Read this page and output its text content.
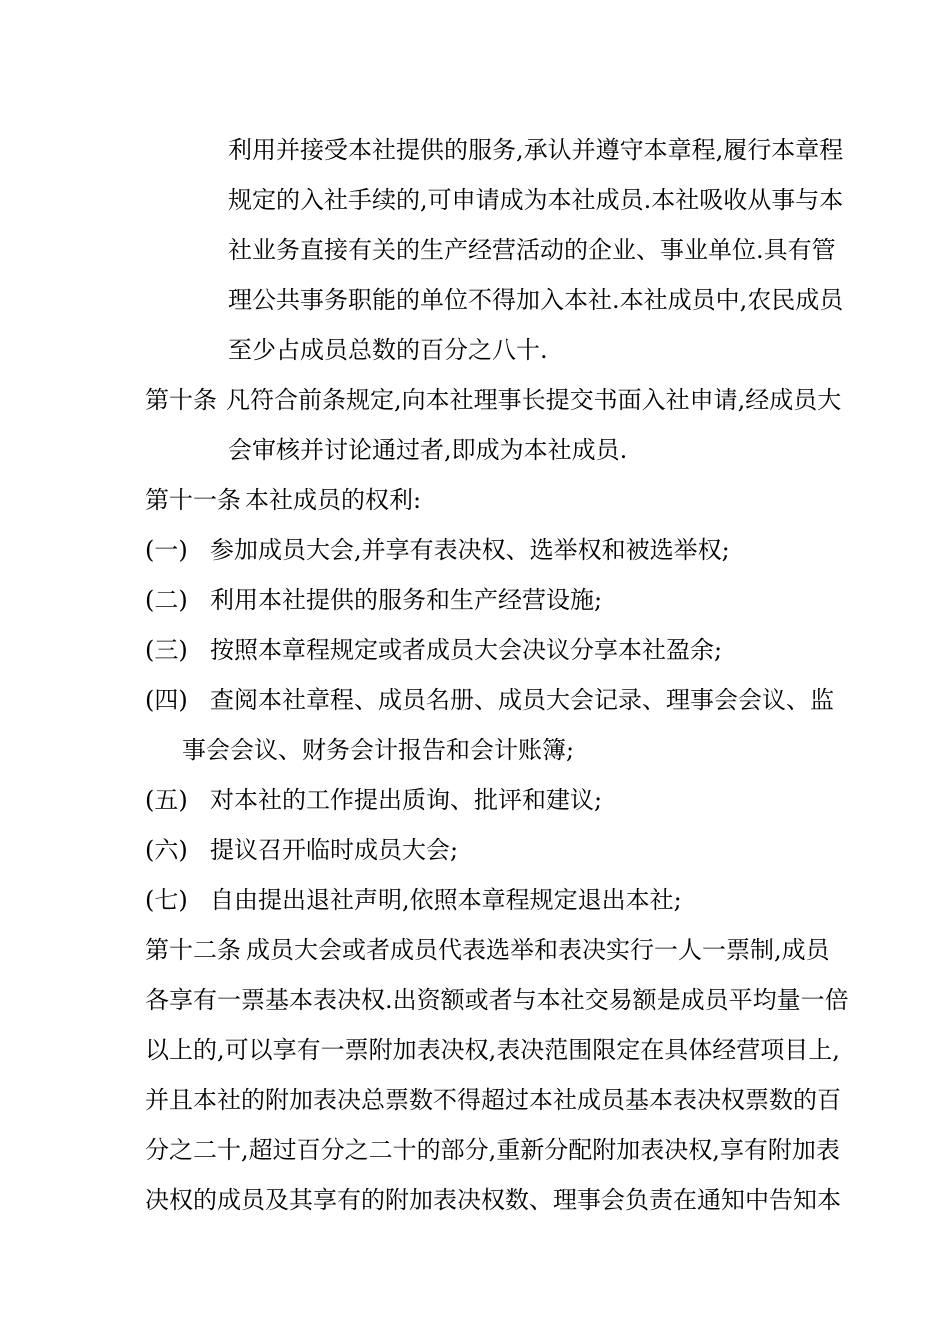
利用并接受本社提供的服务,承认并遵守本章程,履行本章程
规定的入社手续的,可申请成为本社成员.本社吸收从事与本
社业务直接有关的生产经营活动的企业、事业单位.具有管
理公共事务职能的单位不得加入本社.本社成员中,农民成员
至少占成员总数的百分之八十.
第十条 凡符合前条规定,向本社理事长提交书面入社申请,经成员大
会审核并讨论通过者,即成为本社成员.
第十一条 本社成员的权利:
(一) 参加成员大会,并享有表决权、选举权和被选举权;
(二) 利用本社提供的服务和生产经营设施;
(三) 按照本章程规定或者成员大会决议分享本社盈余;
(四) 查阅本社章程、成员名册、成员大会记录、理事会会议、监
事会会议、财务会计报告和会计账簿;
(五) 对本社的工作提出质询、批评和建议;
(六) 提议召开临时成员大会;
(七) 自由提出退社声明,依照本章程规定退出本社;
第十二条 成员大会或者成员代表选举和表决实行一人一票制,成员
各享有一票基本表决权.出资额或者与本社交易额是成员平均量一倍
以上的,可以享有一票附加表决权,表决范围限定在具体经营项目上,
并且本社的附加表决总票数不得超过本社成员基本表决权票数的百
分之二十,超过百分之二十的部分,重新分配附加表决权,享有附加表
决权的成员及其享有的附加表决权数、理事会负责在通知中告知本
